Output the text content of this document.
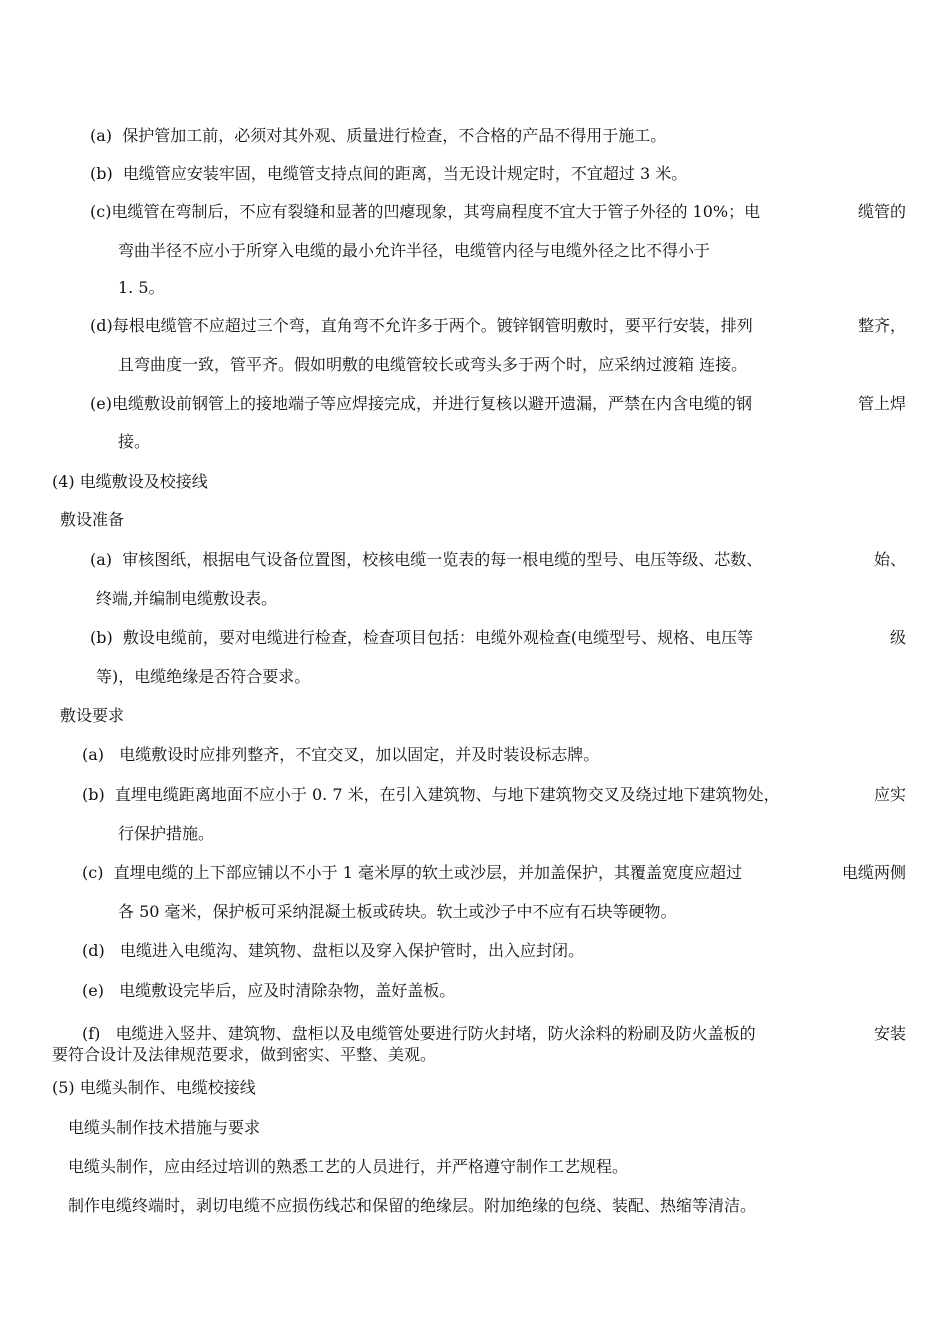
(a) 保护管加工前，必须对其外观、质量进行检查，不合格的产品不得用于施工。
(b) 电缆管应安装牢固，电缆管支持点间的距离，当无设计规定时，不宜超过 3 米。
(c)电缆管在弯制后，不应有裂缝和显著的凹瘪现象，其弯扁程度不宜大于管子外径的 10%；电	缆管的
弯曲半径不应小于所穿入电缆的最小允许半径，电缆管内径与电缆外径之比不得小于
1. 5。
(d)每根电缆管不应超过三个弯，直角弯不允许多于两个。镀锌钢管明敷时，要平行安装，排列	整齐，
且弯曲度一致，管平齐。假如明敷的电缆管较长或弯头多于两个时，应采纳过渡箱 连接。
(e)电缆敷设前钢管上的接地端子等应焊接完成，并进行复核以避开遗漏，严禁在内含电缆的钢	管上焊
接。
(4) 电缆敷设及校接线
敷设准备
(a) 审核图纸，根据电气设备位置图，校核电缆一览表的每一根电缆的型号、电压等级、芯数、	始、
终端,并编制电缆敷设表。
(b) 敷设电缆前，要对电缆进行检查，检查项目包括：电缆外观检查(电缆型号、规格、电压等	级
等)，电缆绝缘是否符合要求。
敷设要求
(a) 电缆敷设时应排列整齐，不宜交叉，加以固定，并及时装设标志牌。
(b) 直埋电缆距离地面不应小于 0. 7 米，在引入建筑物、与地下建筑物交叉及绕过地下建筑物处，	应实
行保护措施。
(c) 直埋电缆的上下部应铺以不小于 1 毫米厚的软土或沙层，并加盖保护，其覆盖宽度应超过	电缆两侧
各 50 毫米，保护板可采纳混凝土板或砖块。软土或沙子中不应有石块等硬物。
(d) 电缆进入电缆沟、建筑物、盘柜以及穿入保护管时，出入应封闭。
(e) 电缆敷设完毕后，应及时清除杂物，盖好盖板。
(f) 电缆进入竖井、建筑物、盘柜以及电缆管处要进行防火封堵，防火涂料的粉刷及防火盖板的	安装
要符合设计及法律规范要求，做到密实、平整、美观。
(5) 电缆头制作、电缆校接线
电缆头制作技术措施与要求
电缆头制作，应由经过培训的熟悉工艺的人员进行，并严格遵守制作工艺规程。
制作电缆终端时，剥切电缆不应损伤线芯和保留的绝缘层。附加绝缘的包绕、装配、热缩等清洁。
